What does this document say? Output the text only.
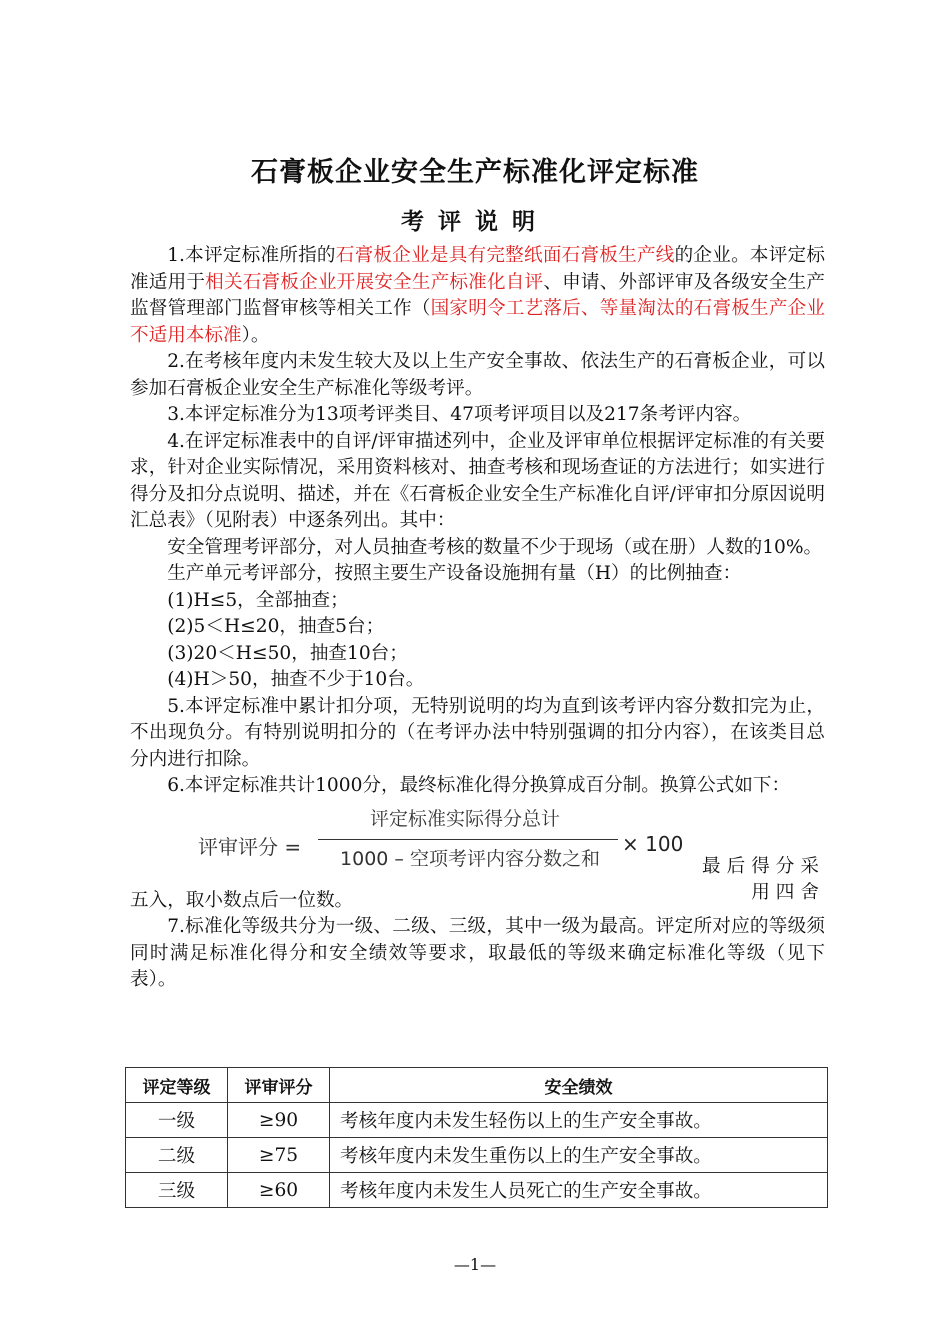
石膏板企业安全生产标准化评定标准
考评说明

1.本评定标准所指的石膏板企业是具有完整纸面石膏板生产线的企业。本评定标准适用于相关石膏板企业开展安全生产标准化自评、申请、外部评审及各级安全生产监督管理部门监督审核等相关工作（国家明令工艺落后、等量淘汰的石膏板生产企业不适用本标准）。

2.在考核年度内未发生较大及以上生产安全事故、依法生产的石膏板企业，可以参加石膏板企业安全生产标准化等级考评。

3.本评定标准分为13项考评类目、47项考评项目以及217条考评内容。

4.在评定标准表中的自评/评审描述列中，企业及评审单位根据评定标准的有关要求，针对企业实际情况，采用资料核对、抽查考核和现场查证的方法进行；如实进行得分及扣分点说明、描述，并在《石膏板企业安全生产标准化自评/评审扣分原因说明汇总表》（见附表）中逐条列出。其中：

安全管理考评部分，对人员抽查考核的数量不少于现场（或在册）人数的10%。

生产单元考评部分，按照主要生产设备设施拥有量（H）的比例抽查：

(1)H≤5，全部抽查；

(2)5＜H≤20，抽查5台；

(3)20＜H≤50，抽查10台；

(4)H＞50，抽查不少于10台。

5.本评定标准中累计扣分项，无特别说明的均为直到该考评内容分数扣完为止，不出现负分。有特别说明扣分的（在考评办法中特别强调的扣分内容），在该类目总分内进行扣除。

6.本评定标准共计1000分，最终标准化得分换算成百分制。换算公式如下：

评审评分 =
评定标准实际得分总计
1000 – 空项考评内容分数之和
× 100
最后得分采用四舍

五入，取小数点后一位数。

7.标准化等级共分为一级、二级、三级，其中一级为最高。评定所对应的等级须同时满足标准化得分和安全绩效等要求，取最低的等级来确定标准化等级（见下表）。

评定等级	评审评分	安全绩效
一级	≥90	考核年度内未发生轻伤以上的生产安全事故。
二级	≥75	考核年度内未发生重伤以上的生产安全事故。
三级	≥60	考核年度内未发生人员死亡的生产安全事故。
—1—
